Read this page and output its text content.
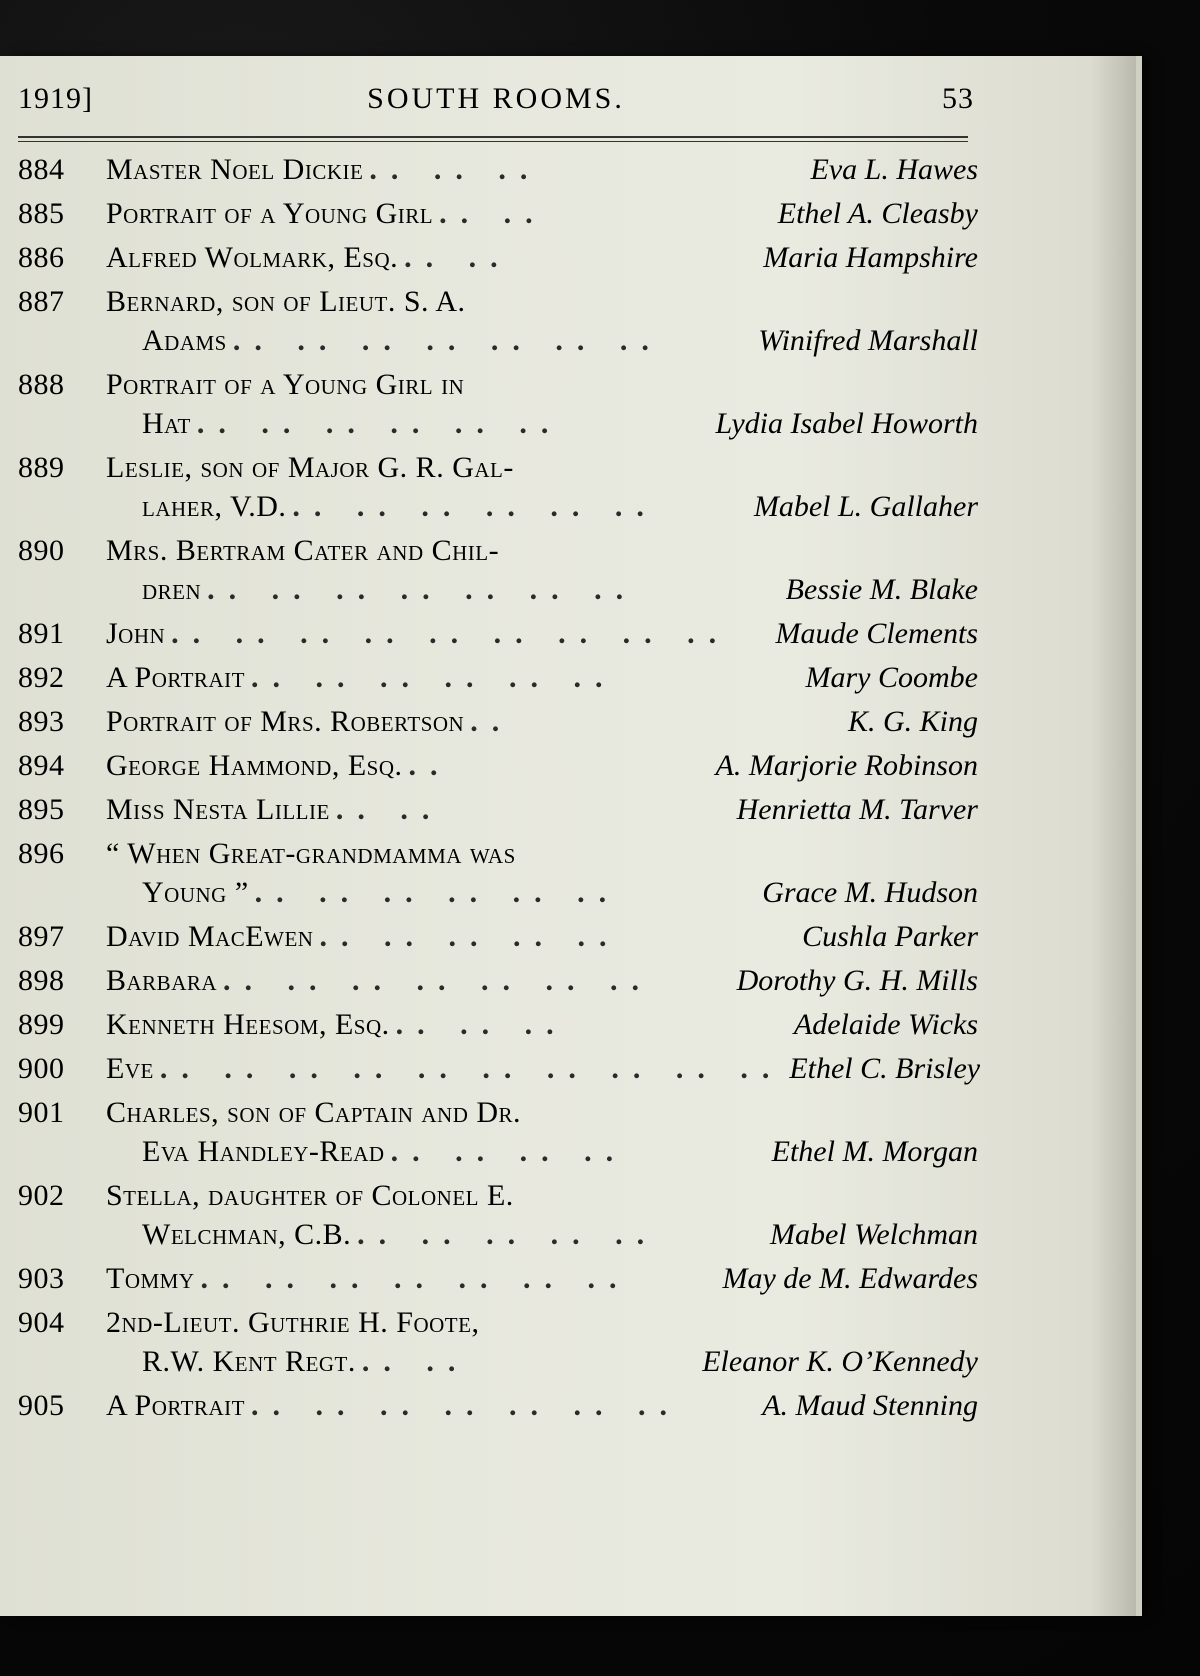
1919]	SOUTH ROOMS.	53
884	Master Noel Dickie .. .. ..	Eva L. Hawes
885	Portrait of a Young Girl .. ..	Ethel A. Cleasby
886	Alfred Wolmark, Esq. .. ..	Maria Hampshire
887	Bernard, son of Lieut. S. A.
Adams .. .. .. .. .. .. ..	Winifred Marshall
888	Portrait of a Young Girl in
Hat .. .. .. .. .. ..	Lydia Isabel Howorth
889	Leslie, son of Major G. R. Gal-
laher, V.D. .. .. .. .. .. ..	Mabel L. Gallaher
890	Mrs. Bertram Cater and Chil-
dren .. .. .. .. .. .. ..	Bessie M. Blake
891	John .. .. .. .. .. .. .. .. ..	Maude Clements
892	A Portrait .. .. .. .. .. ..	Mary Coombe
893	Portrait of Mrs. Robertson ..	K. G. King
894	George Hammond, Esq. ..	A. Marjorie Robinson
895	Miss Nesta Lillie .. ..	Henrietta M. Tarver
896	“ When Great-grandmamma was
Young ” .. .. .. .. .. ..	Grace M. Hudson
897	David MacEwen .. .. .. .. ..	Cushla Parker
898	Barbara .. .. .. .. .. .. ..	Dorothy G. H. Mills
899	Kenneth Heesom, Esq. .. .. ..	Adelaide Wicks
900	Eve .. .. .. .. .. .. .. .. .. .. Ethel C. Brisley
901	Charles, son of Captain and Dr.
Eva Handley-Read .. .. .. ..	Ethel M. Morgan
902	Stella, daughter of Colonel E.
Welchman, C.B. .. .. .. .. ..	Mabel Welchman
903	Tommy .. .. .. .. .. .. ..	May de M. Edwardes
904	2nd-Lieut. Guthrie H. Foote,
R.W. Kent Regt. .. ..	Eleanor K. O’Kennedy
905	A Portrait .. .. .. .. .. .. ..	A. Maud Stenning
